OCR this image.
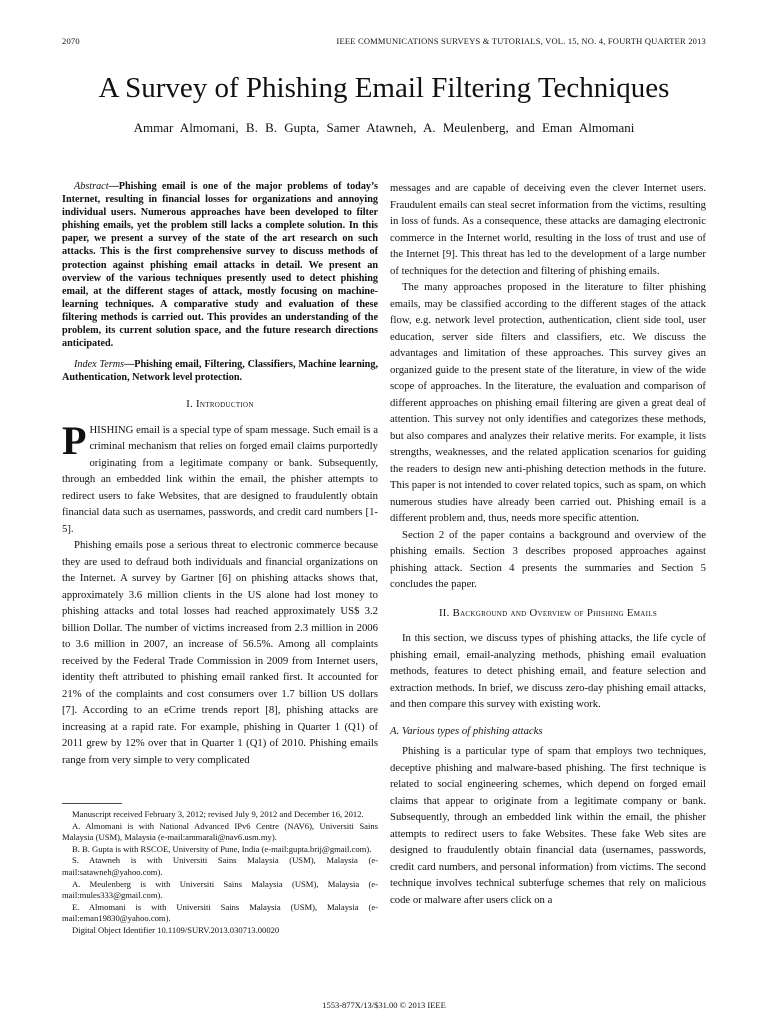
2070	IEEE COMMUNICATIONS SURVEYS & TUTORIALS, VOL. 15, NO. 4, FOURTH QUARTER 2013
A Survey of Phishing Email Filtering Techniques
Ammar Almomani, B. B. Gupta, Samer Atawneh, A. Meulenberg, and Eman Almomani

Abstract—Phishing email is one of the major problems of today’s Internet, resulting in financial losses for organizations and annoying individual users. Numerous approaches have been developed to filter phishing emails, yet the problem still lacks a complete solution. In this paper, we present a survey of the state of the art research on such attacks. This is the first comprehensive survey to discuss methods of protection against phishing email attacks in detail. We present an overview of the various techniques presently used to detect phishing email, at the different stages of attack, mostly focusing on machine-learning techniques. A comparative study and evaluation of these filtering methods is carried out. This provides an understanding of the problem, its current solution space, and the future research directions anticipated.

Index Terms—Phishing email, Filtering, Classifiers, Machine learning, Authentication, Network level protection.

I. Introduction

PHISHING email is a special type of spam message. Such email is a criminal mechanism that relies on forged email claims purportedly originating from a legitimate company or bank. Subsequently, through an embedded link within the email, the phisher attempts to redirect users to fake Websites, that are designed to fraudulently obtain financial data such as usernames, passwords, and credit card numbers [1-5].

Phishing emails pose a serious threat to electronic commerce because they are used to defraud both individuals and financial organizations on the Internet. A survey by Gartner [6] on phishing attacks shows that, approximately 3.6 million clients in the US alone had lost money to phishing attacks and total losses had reached approximately US$ 3.2 billion Dollar. The number of victims increased from 2.3 million in 2006 to 3.6 million in 2007, an increase of 56.5%. Among all complaints received by the Federal Trade Commission in 2009 from Internet users, identity theft attributed to phishing email ranked first. It accounted for 21% of the complaints and cost consumers over 1.7 billion US dollars [7]. According to an eCrime trends report [8], phishing attacks are increasing at a rapid rate. For example, phishing in Quarter 1 (Q1) of 2011 grew by 12% over that in Quarter 1 (Q1) of 2010. Phishing emails range from very simple to very complicated

Manuscript received February 3, 2012; revised July 9, 2012 and December 16, 2012.

A. Almomani is with National Advanced IPv6 Centre (NAV6), Universiti Sains Malaysia (USM), Malaysia (e-mail:ammarali@nav6.usm.my).

B. B. Gupta is with RSCOE, University of Pune, India (e-mail:gupta.brij@gmail.com).

S. Atawneh is with Universiti Sains Malaysia (USM), Malaysia (e-mail:satawneh@yahoo.com).

A. Meulenberg is with Universiti Sains Malaysia (USM), Malaysia (e-mail:mules333@gmail.com).

E. Almomani is with Universiti Sains Malaysia (USM), Malaysia (e-mail:eman19830@yahoo.com).

Digital Object Identifier 10.1109/SURV.2013.030713.00020

messages and are capable of deceiving even the clever Internet users. Fraudulent emails can steal secret information from the victims, resulting in loss of funds. As a consequence, these attacks are damaging electronic commerce in the Internet world, resulting in the loss of trust and use of the Internet [9]. This threat has led to the development of a large number of techniques for the detection and filtering of phishing emails.

The many approaches proposed in the literature to filter phishing emails, may be classified according to the different stages of the attack flow, e.g. network level protection, authentication, client side tool, user education, server side filters and classifiers, etc. We discuss the advantages and limitation of these approaches. This survey gives an organized guide to the present state of the literature, in view of the wide scope of approaches. In the literature, the evaluation and comparison of different approaches on phishing email filtering are given a great deal of attention. This survey not only identifies and categorizes these methods, but also compares and analyzes their relative merits. For example, it lists strengths, weaknesses, and the related application scenarios for guiding the readers to design new anti-phishing detection methods in the future. This paper is not intended to cover related topics, such as spam, on which numerous studies have already been carried out. Phishing email is a different problem and, thus, needs more specific attention.

Section 2 of the paper contains a background and overview of the phishing emails. Section 3 describes proposed approaches against phishing attack. Section 4 presents the summaries and Section 5 concludes the paper.

II. Background and Overview of Phishing Emails

In this section, we discuss types of phishing attacks, the life cycle of phishing email, email-analyzing methods, phishing email evaluation methods, features to detect phishing email, and feature selection and extraction methods. In brief, we discuss zero-day phishing email attacks, and then compare this survey with existing work.

A. Various types of phishing attacks

Phishing is a particular type of spam that employs two techniques, deceptive phishing and malware-based phishing. The first technique is related to social engineering schemes, which depend on forged email claims that appear to originate from a legitimate company or bank. Subsequently, through an embedded link within the email, the phisher attempts to redirect users to fake Websites. These fake Web sites are designed to fraudulently obtain financial data (usernames, passwords, credit card numbers, and personal information) from victims. The second technique involves technical subterfuge schemes that rely on malicious code or malware after users click on a

1553-877X/13/$31.00 © 2013 IEEE
